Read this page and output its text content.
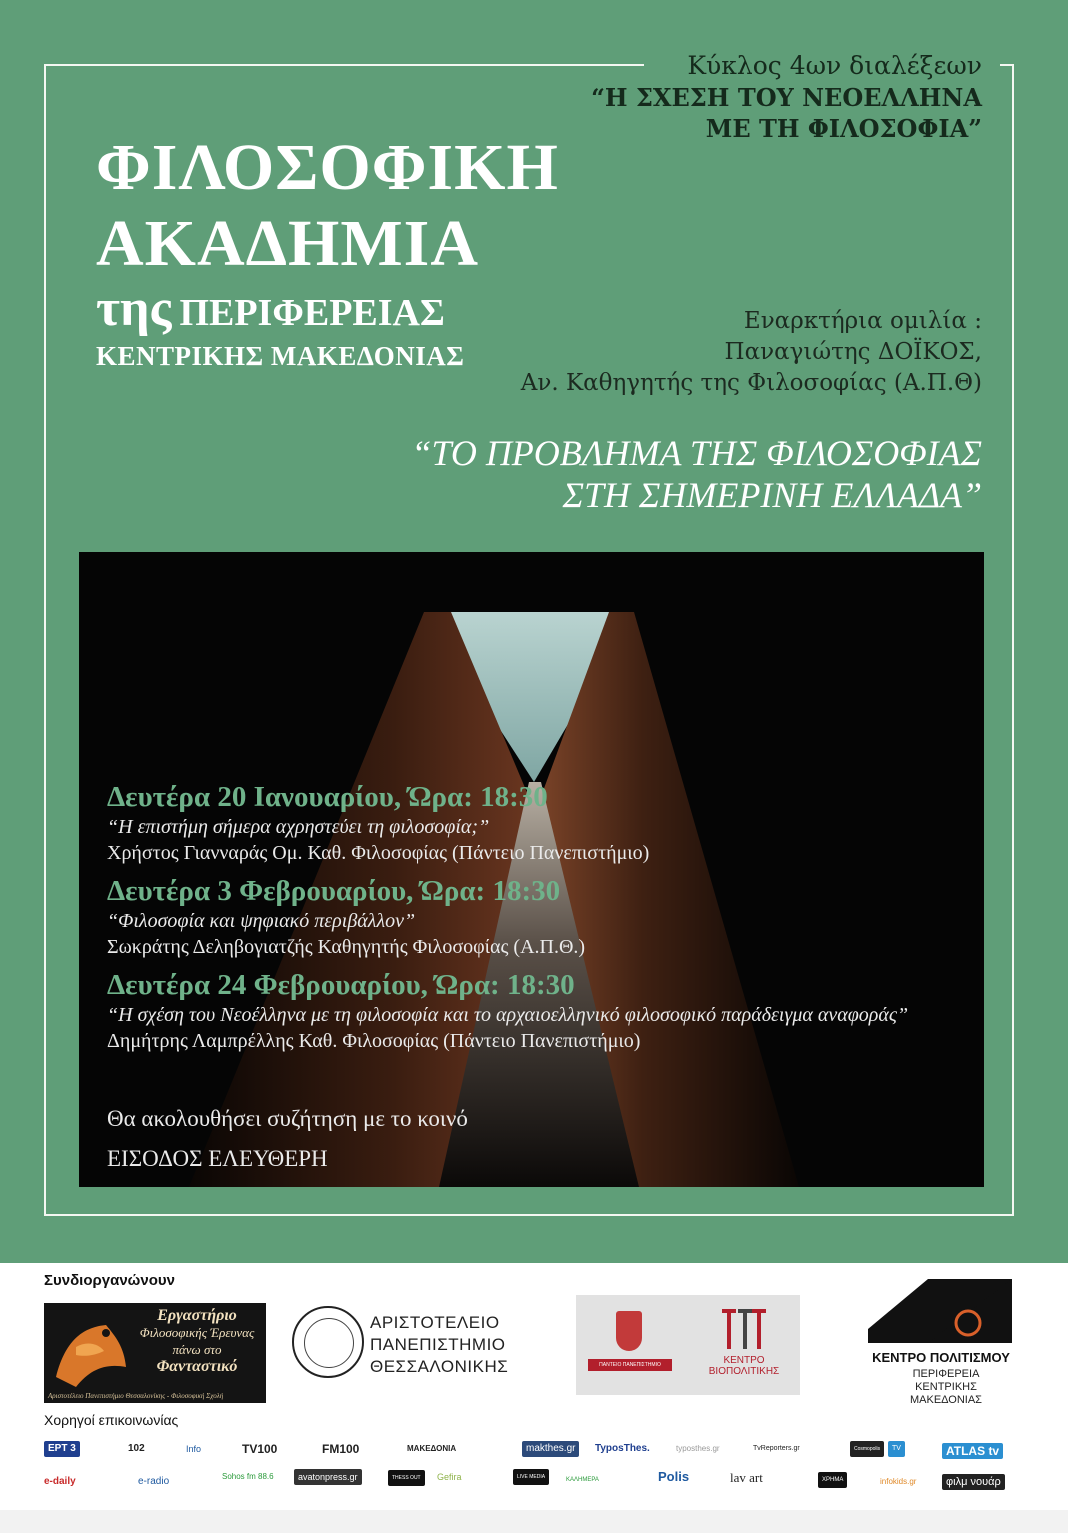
Κύκλος 4ων διαλέξεων
“Η ΣΧΕΣΗ ΤΟΥ ΝΕΟΕΛΛΗΝΑ
ΜΕ ΤΗ ΦΙΛΟΣΟΦΙΑ”
ΦΙΛΟΣΟΦΙΚΗ
ΑΚΑΔΗΜΙΑ
της ΠΕΡΙΦΕΡΕΙΑΣ
ΚΕΝΤΡΙΚΗΣ ΜΑΚΕΔΟΝΙΑΣ
Εναρκτήρια ομιλία :
Παναγιώτης ΔΟΪΚΟΣ,
Αν. Καθηγητής της Φιλοσοφίας (Α.Π.Θ)
“ΤΟ ΠΡΟΒΛΗΜΑ ΤΗΣ ΦΙΛΟΣΟΦΙΑΣ
ΣΤΗ ΣΗΜΕΡΙΝΗ ΕΛΛΑΔΑ”
Δευτέρα 20 Ιανουαρίου, Ώρα: 18:30
“Η επιστήμη σήμερα αχρηστεύει τη φιλοσοφία;”
Χρήστος Γιανναράς Ομ. Καθ. Φιλοσοφίας (Πάντειο Πανεπιστήμιο)
Δευτέρα 3 Φεβρουαρίου, Ώρα: 18:30
“Φιλοσοφία και ψηφιακό περιβάλλον”
Σωκράτης Δεληβογιατζής Καθηγητής Φιλοσοφίας (Α.Π.Θ.)
Δευτέρα 24 Φεβρουαρίου, Ώρα: 18:30
“Η σχέση του Νεοέλληνα με τη φιλοσοφία και το αρχαιοελληνικό φιλοσοφικό παράδειγμα αναφοράς”
Δημήτρης Λαμπρέλλης Καθ. Φιλοσοφίας (Πάντειο Πανεπιστήμιο)
Θα ακολουθήσει συζήτηση με το κοινό
ΕΙΣΟΔΟΣ ΕΛΕΥΘΕΡΗ
Συνδιοργανώνουν
Εργαστήριο
Φιλοσοφικής Έρευνας
πάνω στο
Φανταστικό
Αριστοτέλειο Πανεπιστήμιο Θεσσαλονίκης - Φιλοσοφική Σχολή
ΑΡΙΣΤΟΤΕΛΕΙΟ
ΠΑΝΕΠΙΣΤΗΜΙΟ
ΘΕΣΣΑΛΟΝΙΚΗΣ	ΠΑΝΤΕΙΟ ΠΑΝΕΠΙΣΤΗΜΙΟ	ΚΕΝΤΡΟ
ΒΙΟΠΟΛΙΤΙΚΗΣ
ΚΕΝΤΡΟ ΠΟΛΙΤΙΣΜΟΥ
ΠΕΡΙΦΕΡΕΙΑ
ΚΕΝΤΡΙΚΗΣ
ΜΑΚΕΔΟΝΙΑΣ
Χορηγοί επικοινωνίας
ΕΡΤ 3	102	Info	TV100	FM100	ΜΑΚΕΔΟΝΙΑ	makthes.gr	TyposThes.	typosthes.gr	TvReporters.gr	Cosmopolis	TV	ATLAS tv
e-daily	e-radio	Sohos fm 88.6	avatonpress.gr	THESS OUT	Gefira	LIVE MEDIA	ΚΑΛΗΜΕΡΑ	Polis	lav art	ΧΡΗΜΑ	infokids.gr	φιλμ νουάρ
